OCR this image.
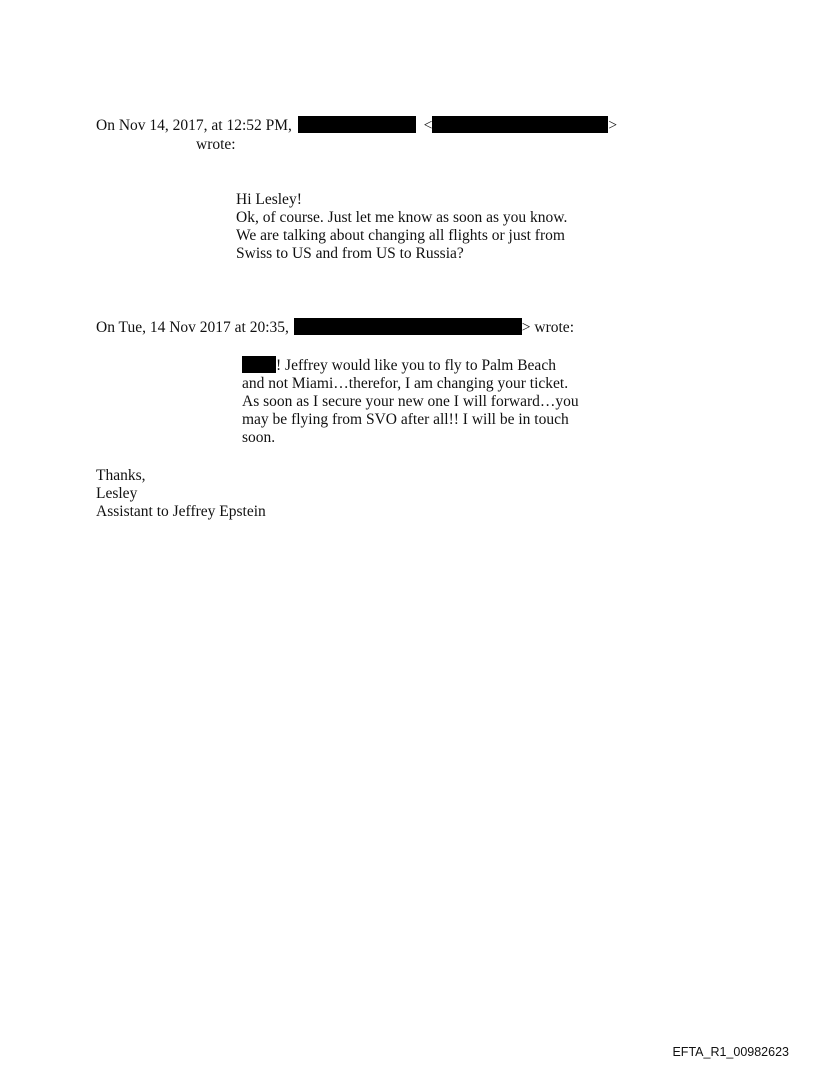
On Nov 14, 2017, at 12:52 PM,	<	>
wrote:
Hi Lesley!
Ok, of course. Just let me know as soon as you know.
We are talking about changing all flights or just from
Swiss to US and from US to Russia?
On Tue, 14 Nov 2017 at 20:35,	> wrote:
! Jeffrey would like you to fly to Palm Beach
and not Miami…therefor, I am changing your ticket.
As soon as I secure your new one I will forward…you
may be flying from SVO after all!! I will be in touch
soon.
Thanks,
Lesley
Assistant to Jeffrey Epstein
EFTA_R1_00982623
